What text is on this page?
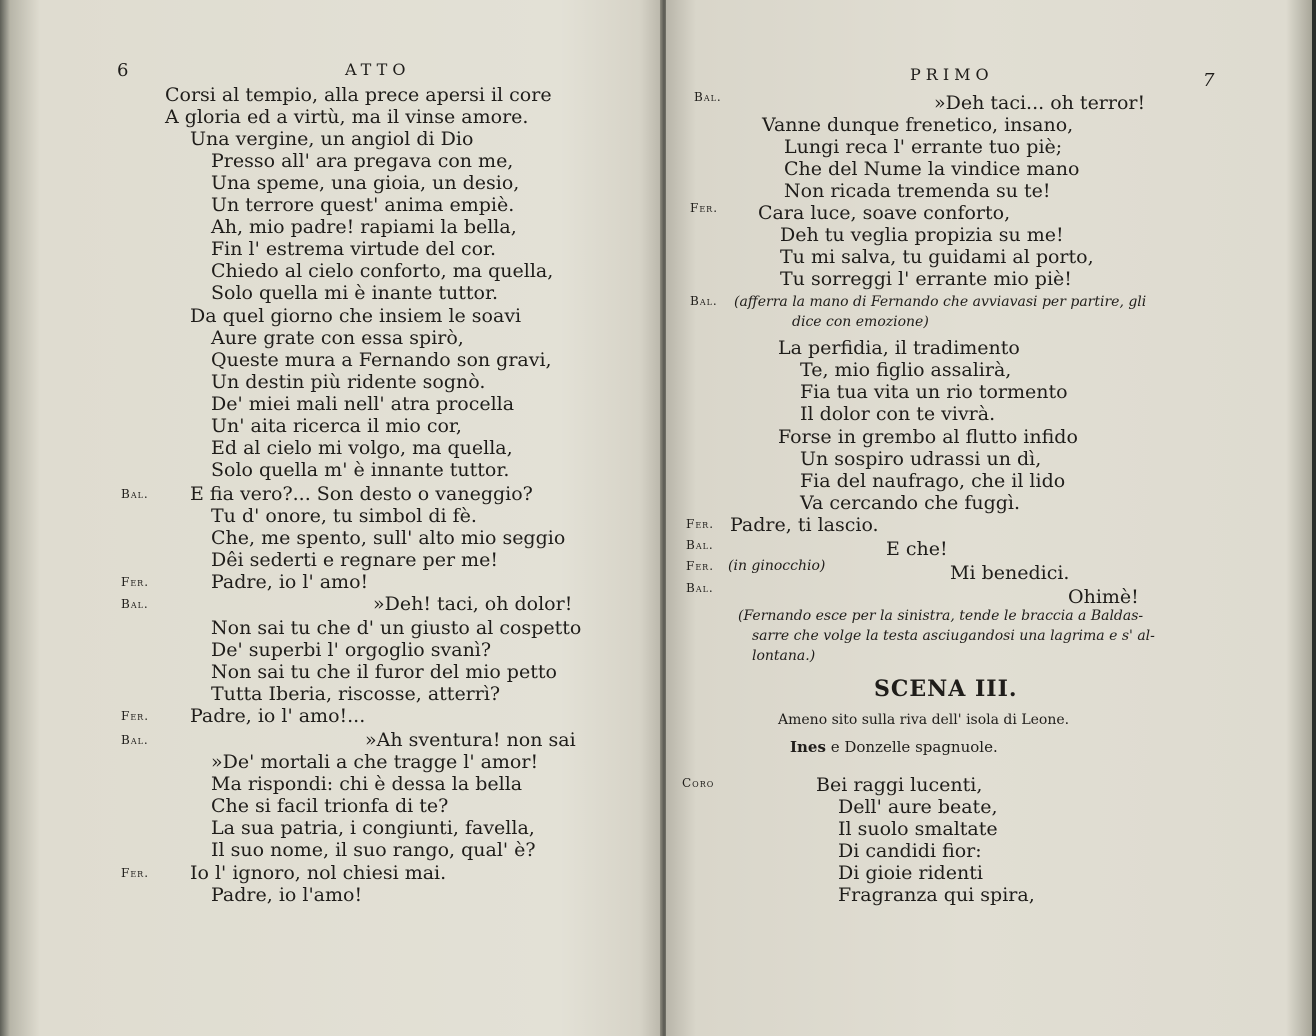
6	ATTO
Corsi al tempio, alla prece apersi il core
A gloria ed a virtù, ma il vinse amore.
Una vergine, un angiol di Dio
Presso all' ara pregava con me,
Una speme, una gioia, un desio,
Un terrore quest' anima empiè.
Ah, mio padre! rapiami la bella,
Fin l' estrema virtude del cor.
Chiedo al cielo conforto, ma quella,
Solo quella mi è inante tuttor.
Da quel giorno che insiem le soavi
Aure grate con essa spirò,
Queste mura a Fernando son gravi,
Un destin più ridente sognò.
De' miei mali nell' atra procella
Un' aita ricerca il mio cor,
Ed al cielo mi volgo, ma quella,
Solo quella m' è innante tuttor.
Bal. E fia vero?... Son desto o vaneggio?
Tu d' onore, tu simbol di fè.
Che, me spento, sull' alto mio seggio
Dêi sederti e regnare per me!
Fer.	Padre, io l' amo!
Bal.	»Deh! taci, oh dolor!
Non sai tu che d' un giusto al cospetto
De' superbi l' orgoglio svanì?
Non sai tu che il furor del mio petto
Tutta Iberia, riscosse, atterrì?
Fer. Padre, io l' amo!...
Bal.	»Ah sventura! non sai
»De' mortali a che tragge l' amor!
Ma rispondi: chi è dessa la bella
Che si facil trionfa di te?
La sua patria, i congiunti, favella,
Il suo nome, il suo rango, qual' è?
Fer. Io l' ignoro, nol chiesi mai.
Padre, io l'amo!
PRIMO	7
Bal.	»Deh taci... oh terror!
Vanne dunque frenetico, insano,
Lungi reca l' errante tuo piè;
Che del Nume la vindice mano
Non ricada tremenda su te!
Fer. Cara luce, soave conforto,
Deh tu veglia propizia su me!
Tu mi salva, tu guidami al porto,
Tu sorreggi l' errante mio piè!
Bal. (afferra la mano di Fernando che avviavasi per partire, gli
dice con emozione)
La perfidia, il tradimento
Te, mio figlio assalirà,
Fia tua vita un rio tormento
Il dolor con te vivrà.
Forse in grembo al flutto infido
Un sospiro udrassi un dì,
Fia del naufrago, che il lido
Va cercando che fuggì.
Fer. Padre, ti lascio.
Bal.	E che!
Fer. (in ginocchio)	Mi benedici.
Bal.	Ohimè!
(Fernando esce per la sinistra, tende le braccia a Baldas-
sarre che volge la testa asciugandosi una lagrima e s' al-
lontana.)
SCENA III.
Ameno sito sulla riva dell' isola di Leone.
Ines e Donzelle spagnuole.
Coro	Bei raggi lucenti,
Dell' aure beate,
Il suolo smaltate
Di candidi fior:
Di gioie ridenti
Fragranza qui spira,
